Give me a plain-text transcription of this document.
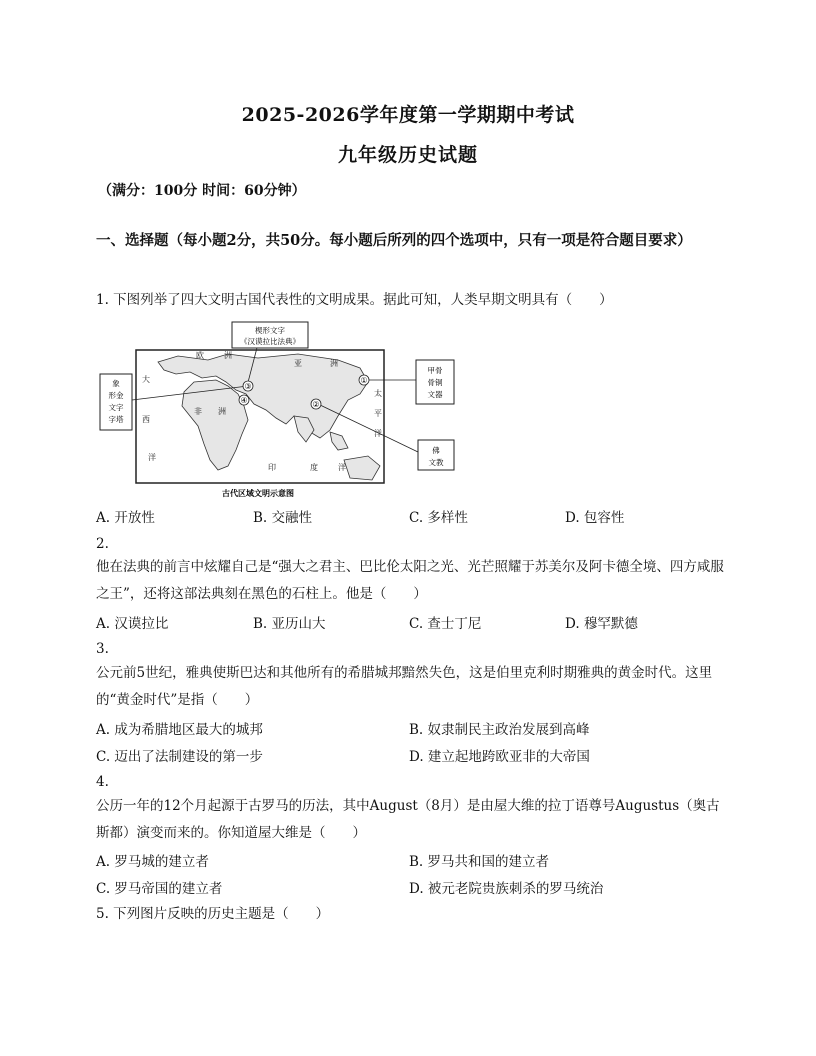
2025-2026学年度第一学期期中考试
九年级历史试题
（满分：100分 时间：60分钟）
一、选择题（每小题2分，共50分。每小题后所列的四个选项中，只有一项是符合题目要求）
1. 下图列举了四大文明古国代表性的文明成果。据此可知，人类早期文明具有（　　）
③
④	②
①
欧	洲
亚	洲
大
西
洋
非 洲
印	度	洋
太
平
洋
楔形文字
《汉谟拉比法典》
象
形金
文字
字塔
甲骨
骨铜
文器
佛
文教
古代区域文明示意图
A. 开放性	B. 交融性	C. 多样性	D. 包容性
2.
他在法典的前言中炫耀自己是“强大之君主、巴比伦太阳之光、光芒照耀于苏美尔及阿卡德全境、四方咸服之王”，还将这部法典刻在黑色的石柱上。他是（　　）
A. 汉谟拉比	B. 亚历山大	C. 查士丁尼	D. 穆罕默德
3.
公元前5世纪，雅典使斯巴达和其他所有的希腊城邦黯然失色，这是伯里克利时期雅典的黄金时代。这里的“黄金时代”是指（　　）
A. 成为希腊地区最大的城邦	B. 奴隶制民主政治发展到高峰
C. 迈出了法制建设的第一步	D. 建立起地跨欧亚非的大帝国
4.
公历一年的12个月起源于古罗马的历法，其中August（8月）是由屋大维的拉丁语尊号Augustus（奥古斯都）演变而来的。你知道屋大维是（　　）
A. 罗马城的建立者	B. 罗马共和国的建立者
C. 罗马帝国的建立者	D. 被元老院贵族刺杀的罗马统治
5. 下列图片反映的历史主题是（　　）
